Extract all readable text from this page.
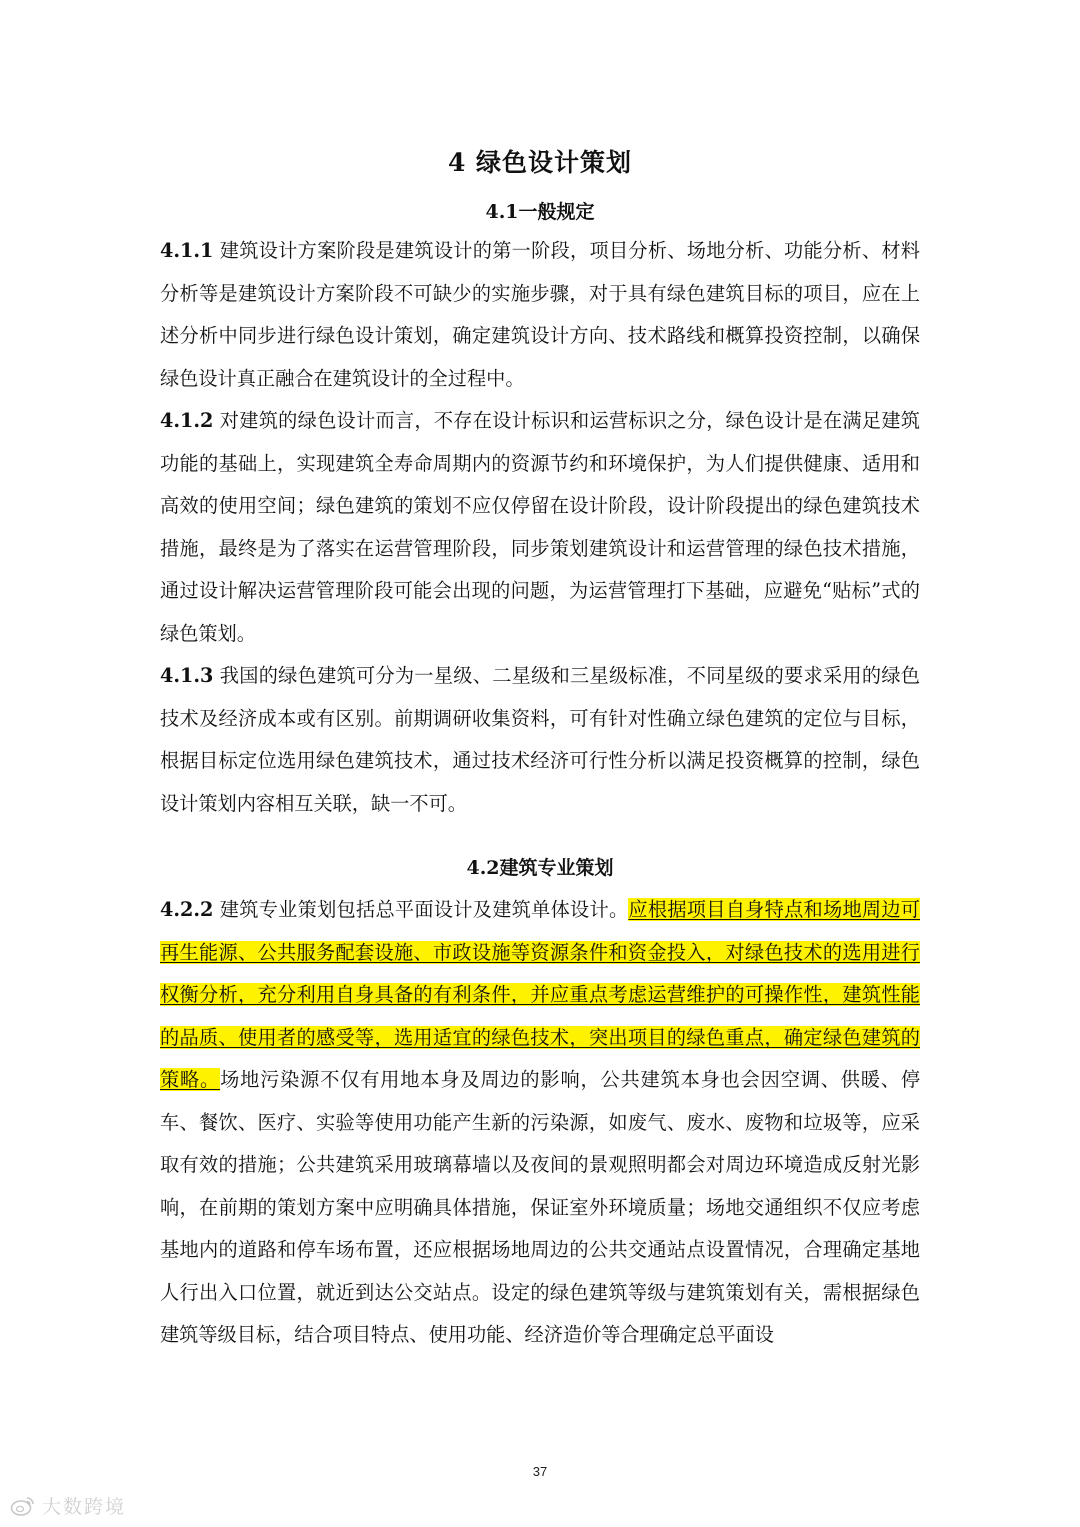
4 绿色设计策划
4.1一般规定
4.1.1 建筑设计方案阶段是建筑设计的第一阶段，项目分析、场地分析、功能分析、材料分析等是建筑设计方案阶段不可缺少的实施步骤，对于具有绿色建筑目标的项目，应在上述分析中同步进行绿色设计策划，确定建筑设计方向、技术路线和概算投资控制，以确保绿色设计真正融合在建筑设计的全过程中。
4.1.2 对建筑的绿色设计而言，不存在设计标识和运营标识之分，绿色设计是在满足建筑功能的基础上，实现建筑全寿命周期内的资源节约和环境保护，为人们提供健康、适用和高效的使用空间；绿色建筑的策划不应仅停留在设计阶段，设计阶段提出的绿色建筑技术措施，最终是为了落实在运营管理阶段，同步策划建筑设计和运营管理的绿色技术措施，通过设计解决运营管理阶段可能会出现的问题，为运营管理打下基础，应避免“贴标”式的绿色策划。
4.1.3 我国的绿色建筑可分为一星级、二星级和三星级标准，不同星级的要求采用的绿色技术及经济成本或有区别。前期调研收集资料，可有针对性确立绿色建筑的定位与目标，根据目标定位选用绿色建筑技术，通过技术经济可行性分析以满足投资概算的控制，绿色设计策划内容相互关联，缺一不可。
4.2建筑专业策划
4.2.2 建筑专业策划包括总平面设计及建筑单体设计。应根据项目自身特点和场地周边可再生能源、公共服务配套设施、市政设施等资源条件和资金投入，对绿色技术的选用进行权衡分析，充分利用自身具备的有利条件，并应重点考虑运营维护的可操作性，建筑性能的品质、使用者的感受等，选用适宜的绿色技术，突出项目的绿色重点，确定绿色建筑的策略。场地污染源不仅有用地本身及周边的影响，公共建筑本身也会因空调、供暖、停车、餐饮、医疗、实验等使用功能产生新的污染源，如废气、废水、废物和垃圾等，应采取有效的措施；公共建筑采用玻璃幕墙以及夜间的景观照明都会对周边环境造成反射光影响，在前期的策划方案中应明确具体措施，保证室外环境质量；场地交通组织不仅应考虑基地内的道路和停车场布置，还应根据场地周边的公共交通站点设置情况，合理确定基地人行出入口位置，就近到达公交站点。设定的绿色建筑等级与建筑策划有关，需根据绿色建筑等级目标，结合项目特点、使用功能、经济造价等合理确定总平面设
37
大数跨境
